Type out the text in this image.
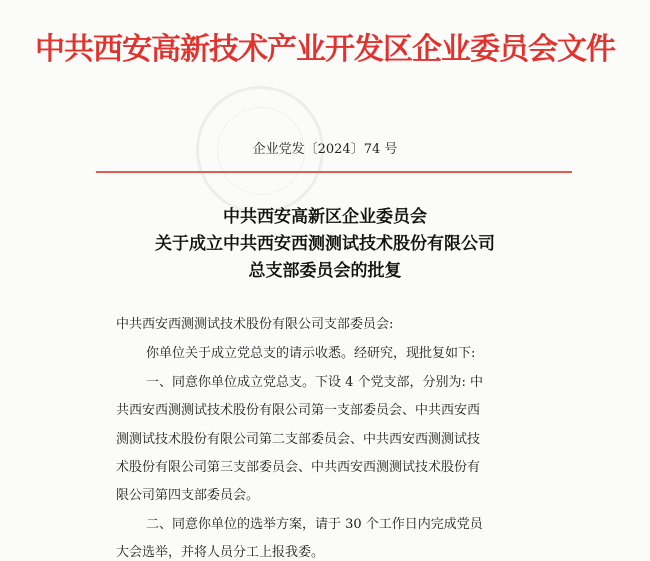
中共西安高新技术产业开发区企业委员会文件
企业党发〔2024〕74 号
中共西安高新区企业委员会
关于成立中共西安西测测试技术股份有限公司
总支部委员会的批复
中共西安西测测试技术股份有限公司支部委员会:
你单位关于成立党总支的请示收悉。经研究，现批复如下:
一、同意你单位成立党总支。下设 4 个党支部，分别为: 中
共西安西测测试技术股份有限公司第一支部委员会、中共西安西
测测试技术股份有限公司第二支部委员会、中共西安西测测试技
术股份有限公司第三支部委员会、中共西安西测测试技术股份有
限公司第四支部委员会。
二、同意你单位的选举方案，请于 30 个工作日内完成党员
大会选举，并将人员分工上报我委。
